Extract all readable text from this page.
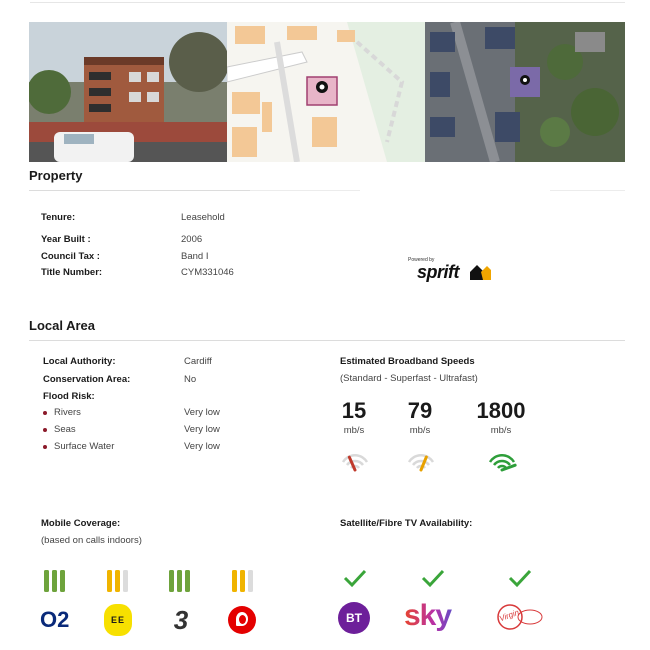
Property
Tenure:	Leasehold
Year Built :	2006
Council Tax :	Band I
Title Number:	CYM331046
Powered by
sprift
Local Area
Local Authority:	Cardiff
Conservation Area:	No
Flood Risk:
Rivers	Very low
Seas	Very low
Surface Water	Very low
Estimated Broadband Speeds
(Standard - Superfast - Ultrafast)
15
mb/s
79
mb/s
1800
mb/s
Mobile Coverage:
(based on calls indoors)
O2	EE 3
Satellite/Fibre TV Availability:
BT sky	Virgin
